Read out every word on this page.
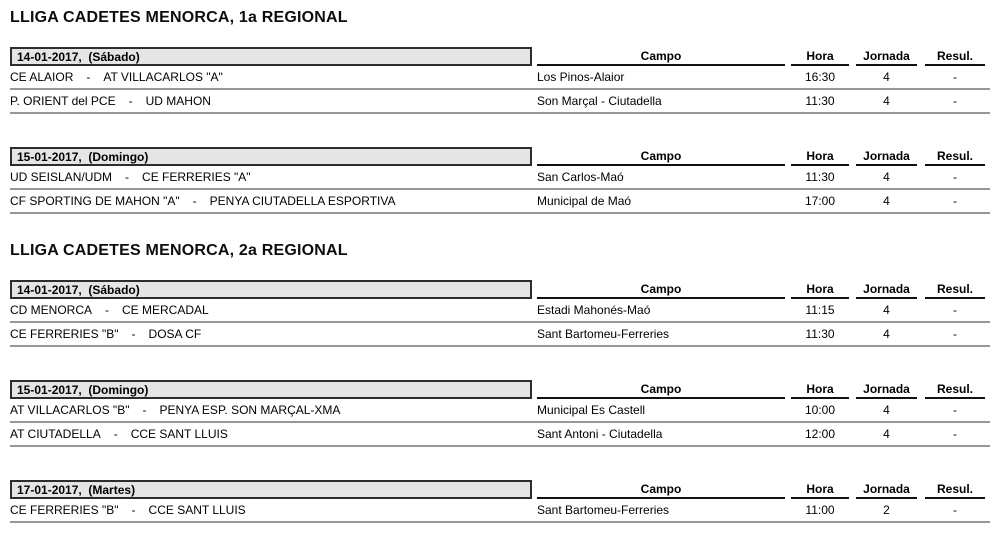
LLIGA CADETES MENORCA, 1a REGIONAL
14-01-2017,  (Sábado)	Campo	Hora	Jornada	Resul.
CE ALAIOR - AT VILLACARLOS "A"	Los Pinos-Alaior	16:30	4	-
P. ORIENT del PCE - UD MAHON	Son Marçal - Ciutadella	11:30	4	-
15-01-2017,  (Domingo)	Campo	Hora	Jornada	Resul.
UD SEISLAN/UDM - CE FERRERIES "A"	San Carlos-Maó	11:30	4	-
CF SPORTING DE MAHON "A" - PENYA CIUTADELLA ESPORTIVA	Municipal de Maó	17:00	4	-
LLIGA CADETES MENORCA, 2a REGIONAL
14-01-2017,  (Sábado)	Campo	Hora	Jornada	Resul.
CD MENORCA - CE MERCADAL	Estadi Mahonés-Maó	11:15	4	-
CE FERRERIES "B" - DOSA CF	Sant Bartomeu-Ferreries	11:30	4	-
15-01-2017,  (Domingo)	Campo	Hora	Jornada	Resul.
AT VILLACARLOS "B" - PENYA ESP. SON MARÇAL-XMA	Municipal Es Castell	10:00	4	-
AT CIUTADELLA - CCE SANT LLUIS	Sant Antoni - Ciutadella	12:00	4	-
17-01-2017,  (Martes)	Campo	Hora	Jornada	Resul.
CE FERRERIES "B" - CCE SANT LLUIS	Sant Bartomeu-Ferreries	11:00	2	-
